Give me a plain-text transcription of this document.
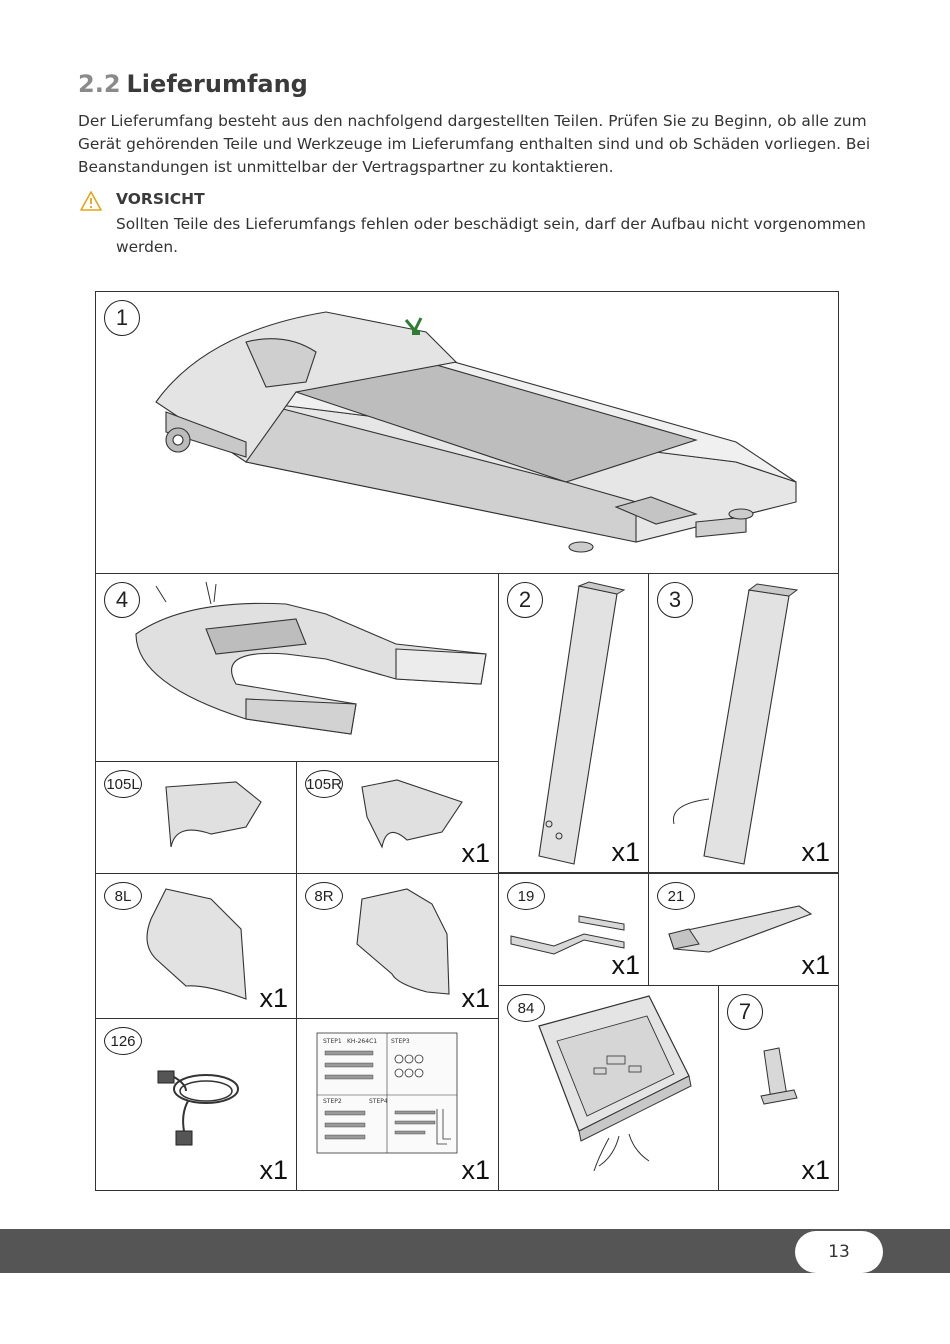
2.2 Lieferumfang

Der Lieferumfang besteht aus den nachfolgend dargestellten Teilen. Prüfen Sie zu Beginn, ob alle zum Gerät gehörenden Teile und Werkzeuge im Lieferumfang enthalten sind und ob Schäden vorliegen. Bei Beanstandungen ist unmittelbar der Vertragspartner zu kontaktieren.

VORSICHT

Sollten Teile des Lieferumfangs fehlen oder beschädigt sein, darf der Aufbau nicht vorgenommen werden.

1
4	2
x1
3
x1
105L	105R
x1
8L
x1
8R
x1
19
x1
21
x1
126
x1
STEP1 KH-264C1 STEP3
STEP2	STEP4
x1
84	7
x1
13
